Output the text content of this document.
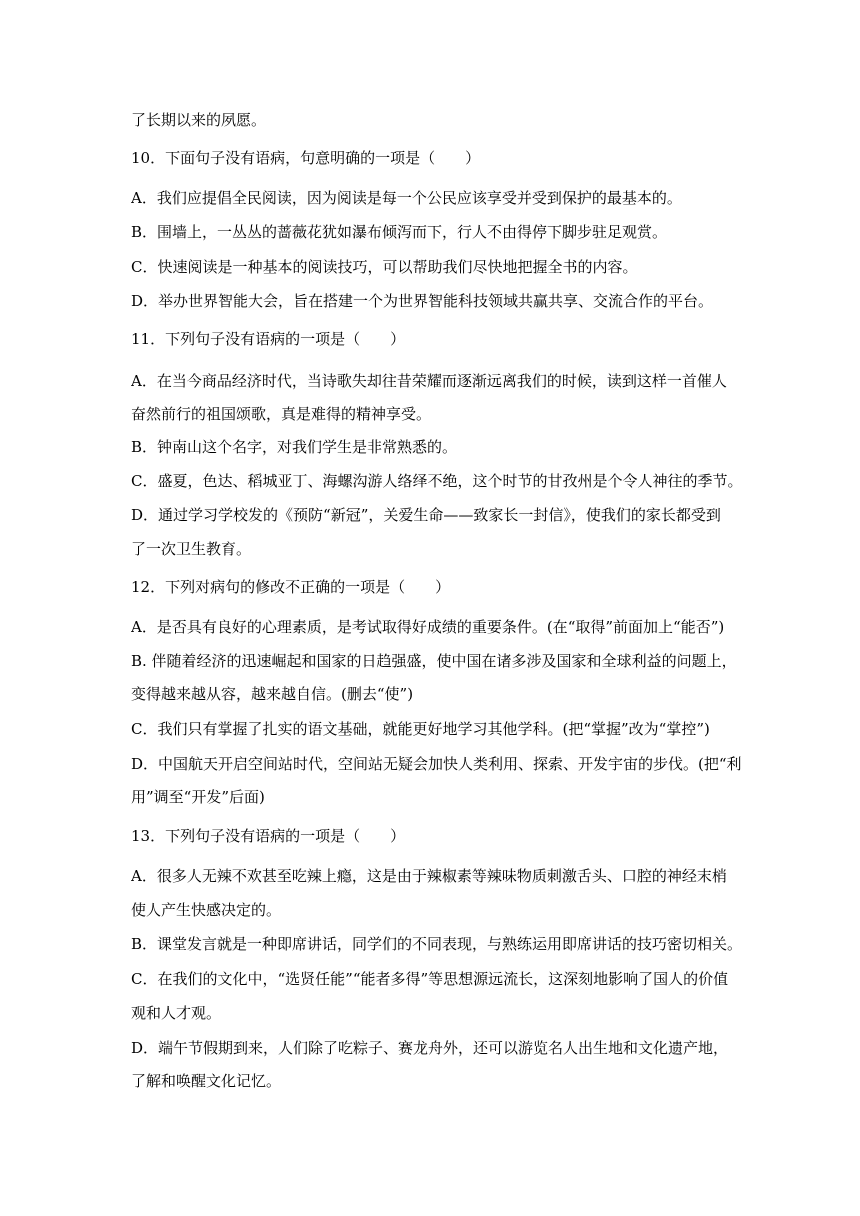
了长期以来的夙愿。
10．下面句子没有语病，句意明确的一项是（　　）
A．我们应提倡全民阅读，因为阅读是每一个公民应该享受并受到保护的最基本的。
B．围墙上，一丛丛的蔷薇花犹如瀑布倾泻而下，行人不由得停下脚步驻足观赏。
C．快速阅读是一种基本的阅读技巧，可以帮助我们尽快地把握全书的内容。
D．举办世界智能大会，旨在搭建一个为世界智能科技领域共赢共享、交流合作的平台。
11．下列句子没有语病的一项是（　　）
A．在当今商品经济时代，当诗歌失却往昔荣耀而逐渐远离我们的时候，读到这样一首催人
奋然前行的祖国颂歌，真是难得的精神享受。
B．钟南山这个名字，对我们学生是非常熟悉的。
C．盛夏，色达、稻城亚丁、海螺沟游人络绎不绝，这个时节的甘孜州是个令人神往的季节。
D．通过学习学校发的《预防“新冠”，关爱生命——致家长一封信》，使我们的家长都受到
了一次卫生教育。
12．下列对病句的修改不正确的一项是（　　）
A．是否具有良好的心理素质，是考试取得好成绩的重要条件。(在“取得”前面加上“能否”)
B. 伴随着经济的迅速崛起和国家的日趋强盛，使中国在诸多涉及国家和全球利益的问题上，
变得越来越从容，越来越自信。(删去“使”)
C．我们只有掌握了扎实的语文基础，就能更好地学习其他学科。(把“掌握”改为“掌控”)
D．中国航天开启空间站时代，空间站无疑会加快人类利用、探索、开发宇宙的步伐。(把“利
用”调至“开发”后面)
13．下列句子没有语病的一项是（　　）
A．很多人无辣不欢甚至吃辣上瘾，这是由于辣椒素等辣味物质刺激舌头、口腔的神经末梢
使人产生快感决定的。
B．课堂发言就是一种即席讲话，同学们的不同表现，与熟练运用即席讲话的技巧密切相关。
C．在我们的文化中，“选贤任能”“能者多得”等思想源远流长，这深刻地影响了国人的价值
观和人才观。
D．端午节假期到来，人们除了吃粽子、赛龙舟外，还可以游览名人出生地和文化遗产地，
了解和唤醒文化记忆。
